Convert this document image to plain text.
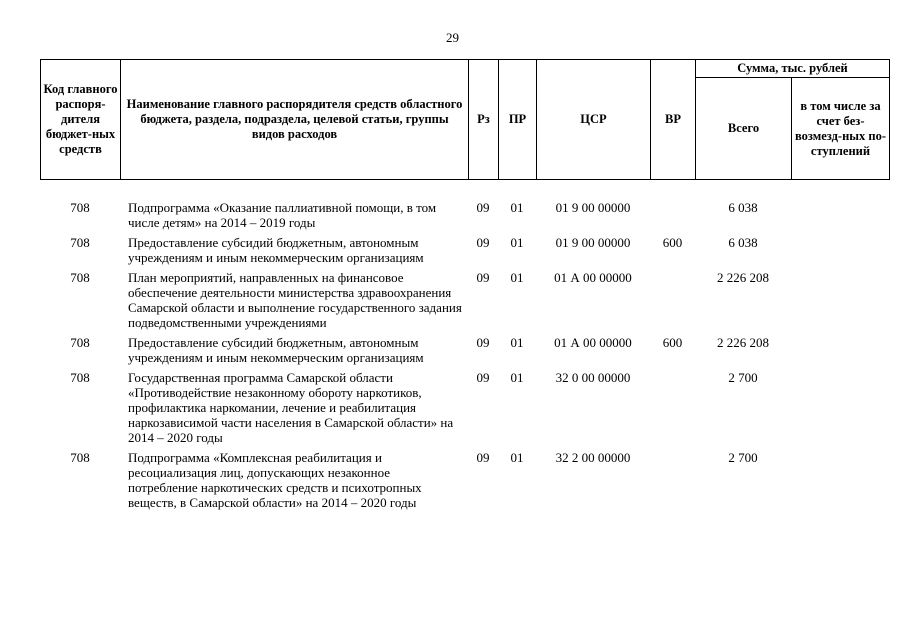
29
Код главного распоря-дителя бюджет-ных средств	Наименование главного распорядителя средств областного бюджета, раздела, подраздела, целевой статьи, группы видов расходов	Рз	ПР	ЦСР	ВР	Сумма, тыс. рублей	
						Всего	в том числе за счет без-возмезд-ных по-ступлений
708	Подпрограмма «Оказание паллиативной помощи, в том числе детям» на 2014 – 2019 годы	09	01	01 9 00 00000		6 038	
708	Предоставление субсидий бюджетным, автономным учреждениям и иным некоммерческим организациям	09	01	01 9 00 00000	600	6 038	
708	План мероприятий, направленных на финансовое обеспечение деятельности министерства здравоохранения Самарской области и выполнение государственного задания подведомственными учреждениями	09	01	01 А 00 00000		2 226 208	
708	Предоставление субсидий бюджетным, автономным учреждениям и иным некоммерческим организациям	09	01	01 А 00 00000	600	2 226 208	
708	Государственная программа Самарской области «Противодействие незаконному обороту наркотиков, профилактика наркомании, лечение и реабилитация наркозависимой части населения в Самарской области» на 2014 – 2020 годы	09	01	32 0 00 00000		2 700	
708	Подпрограмма «Комплексная реабилитация и ресоциализация лиц, допускающих незаконное потребление наркотических средств и психотропных веществ, в Самарской области» на 2014 – 2020 годы	09	01	32 2 00 00000		2 700	
